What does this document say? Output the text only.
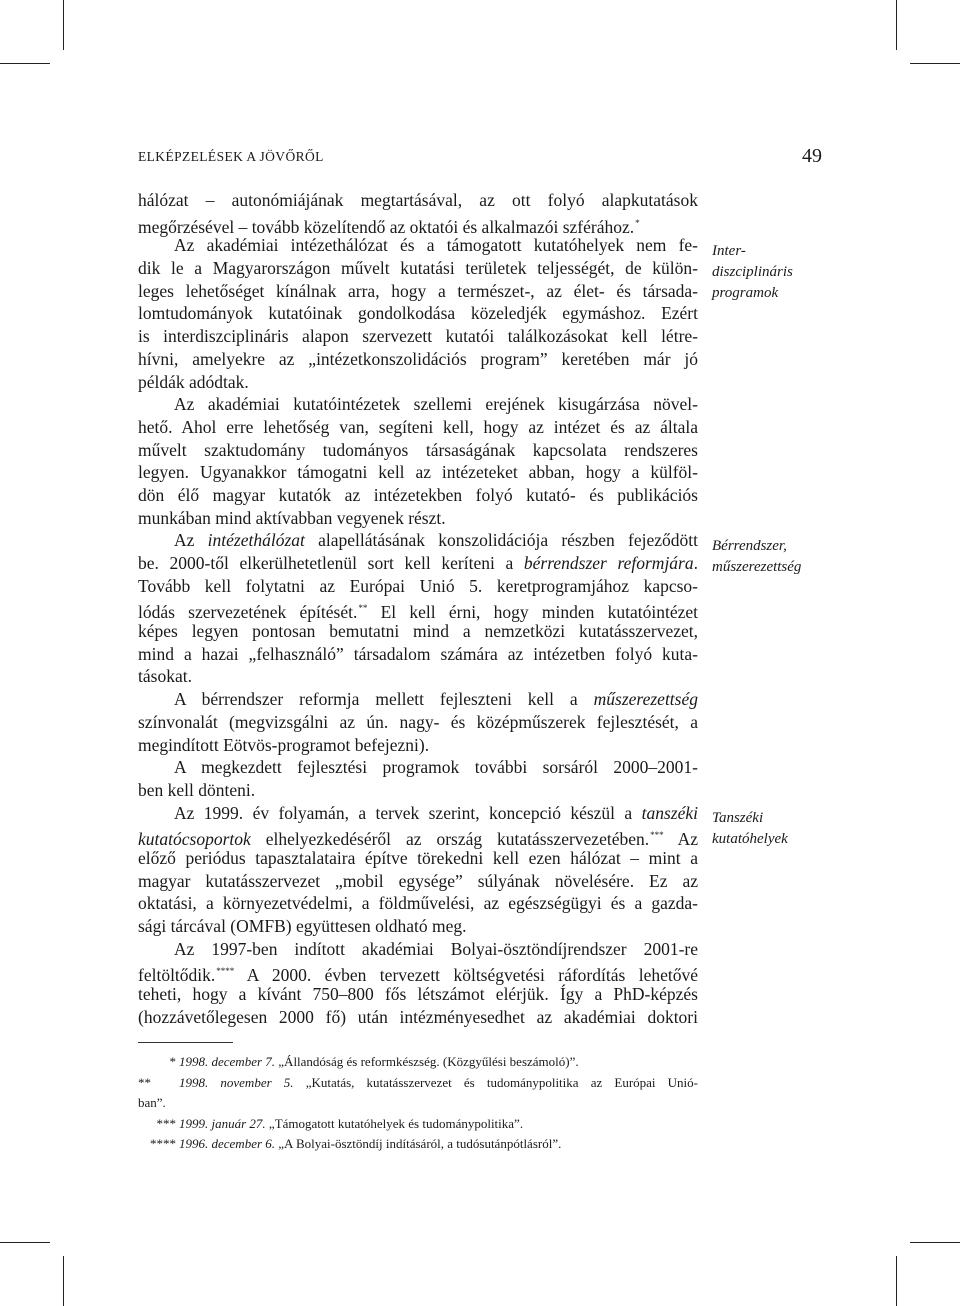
ELKÉPZELÉSEK A JÖVŐRŐL	49
hálózat – autonómiájának megtartásával, az ott folyó alapkutatások
megőrzésével – tovább közelítendő az oktatói és alkalmazói szférához.*
Az akadémiai intézethálózat és a támogatott kutatóhelyek nem fe-
dik le a Magyarországon művelt kutatási területek teljességét, de külön-
leges lehetőséget kínálnak arra, hogy a természet-, az élet- és társada-
lomtudományok kutatóinak gondolkodása közeledjék egymáshoz. Ezért
is interdiszciplináris alapon szervezett kutatói találkozásokat kell létre-
hívni, amelyekre az „intézetkonszolidációs program” keretében már jó
példák adódtak.
Az akadémiai kutatóintézetek szellemi erejének kisugárzása növel-
hető. Ahol erre lehetőség van, segíteni kell, hogy az intézet és az általa
művelt szaktudomány tudományos társaságának kapcsolata rendszeres
legyen. Ugyanakkor támogatni kell az intézeteket abban, hogy a külföl-
dön élő magyar kutatók az intézetekben folyó kutató- és publikációs
munkában mind aktívabban vegyenek részt.
Az intézethálózat alapellátásának konszolidációja részben fejeződött
be. 2000-től elkerülhetetlenül sort kell keríteni a bérrendszer reformjára.
Tovább kell folytatni az Európai Unió 5. keretprogramjához kapcso-
lódás szervezetének építését.** El kell érni, hogy minden kutatóintézet
képes legyen pontosan bemutatni mind a nemzetközi kutatásszervezet,
mind a hazai „felhasználó” társadalom számára az intézetben folyó kuta-
tásokat.
A bérrendszer reformja mellett fejleszteni kell a műszerezettség
színvonalát (megvizsgálni az ún. nagy- és középműszerek fejlesztését, a
megindított Eötvös-programot befejezni).
A megkezdett fejlesztési programok további sorsáról 2000–2001-
ben kell dönteni.
Az 1999. év folyamán, a tervek szerint, koncepció készül a tanszéki
kutatócsoportok elhelyezkedéséről az ország kutatásszervezetében.*** Az
előző periódus tapasztalataira építve törekedni kell ezen hálózat – mint a
magyar kutatásszervezet „mobil egysége” súlyának növelésére. Ez az
oktatási, a környezetvédelmi, a földművelési, az egészségügyi és a gazda-
sági tárcával (OMFB) együttesen oldható meg.
Az 1997-ben indított akadémiai Bolyai-ösztöndíjrendszer 2001-re
feltöltődik.**** A 2000. évben tervezett költségvetési ráfordítás lehetővé
teheti, hogy a kívánt 750–800 fős létszámot elérjük. Így a PhD-képzés
(hozzávetőlegesen 2000 fő) után intézményesedhet az akadémiai doktori
Inter-
diszciplináris
programok
Bérrendszer,
műszerezettség
Tanszéki
kutatóhelyek
* 1998. december 7. „Állandóság és reformkészség. (Közgyűlési beszámoló)”.
** 1998. november 5. „Kutatás, kutatásszervezet és tudománypolitika az Európai Unió-
ban”.
*** 1999. január 27. „Támogatott kutatóhelyek és tudománypolitika”.
**** 1996. december 6. „A Bolyai-ösztöndíj indításáról, a tudósutánpótlásról”.
